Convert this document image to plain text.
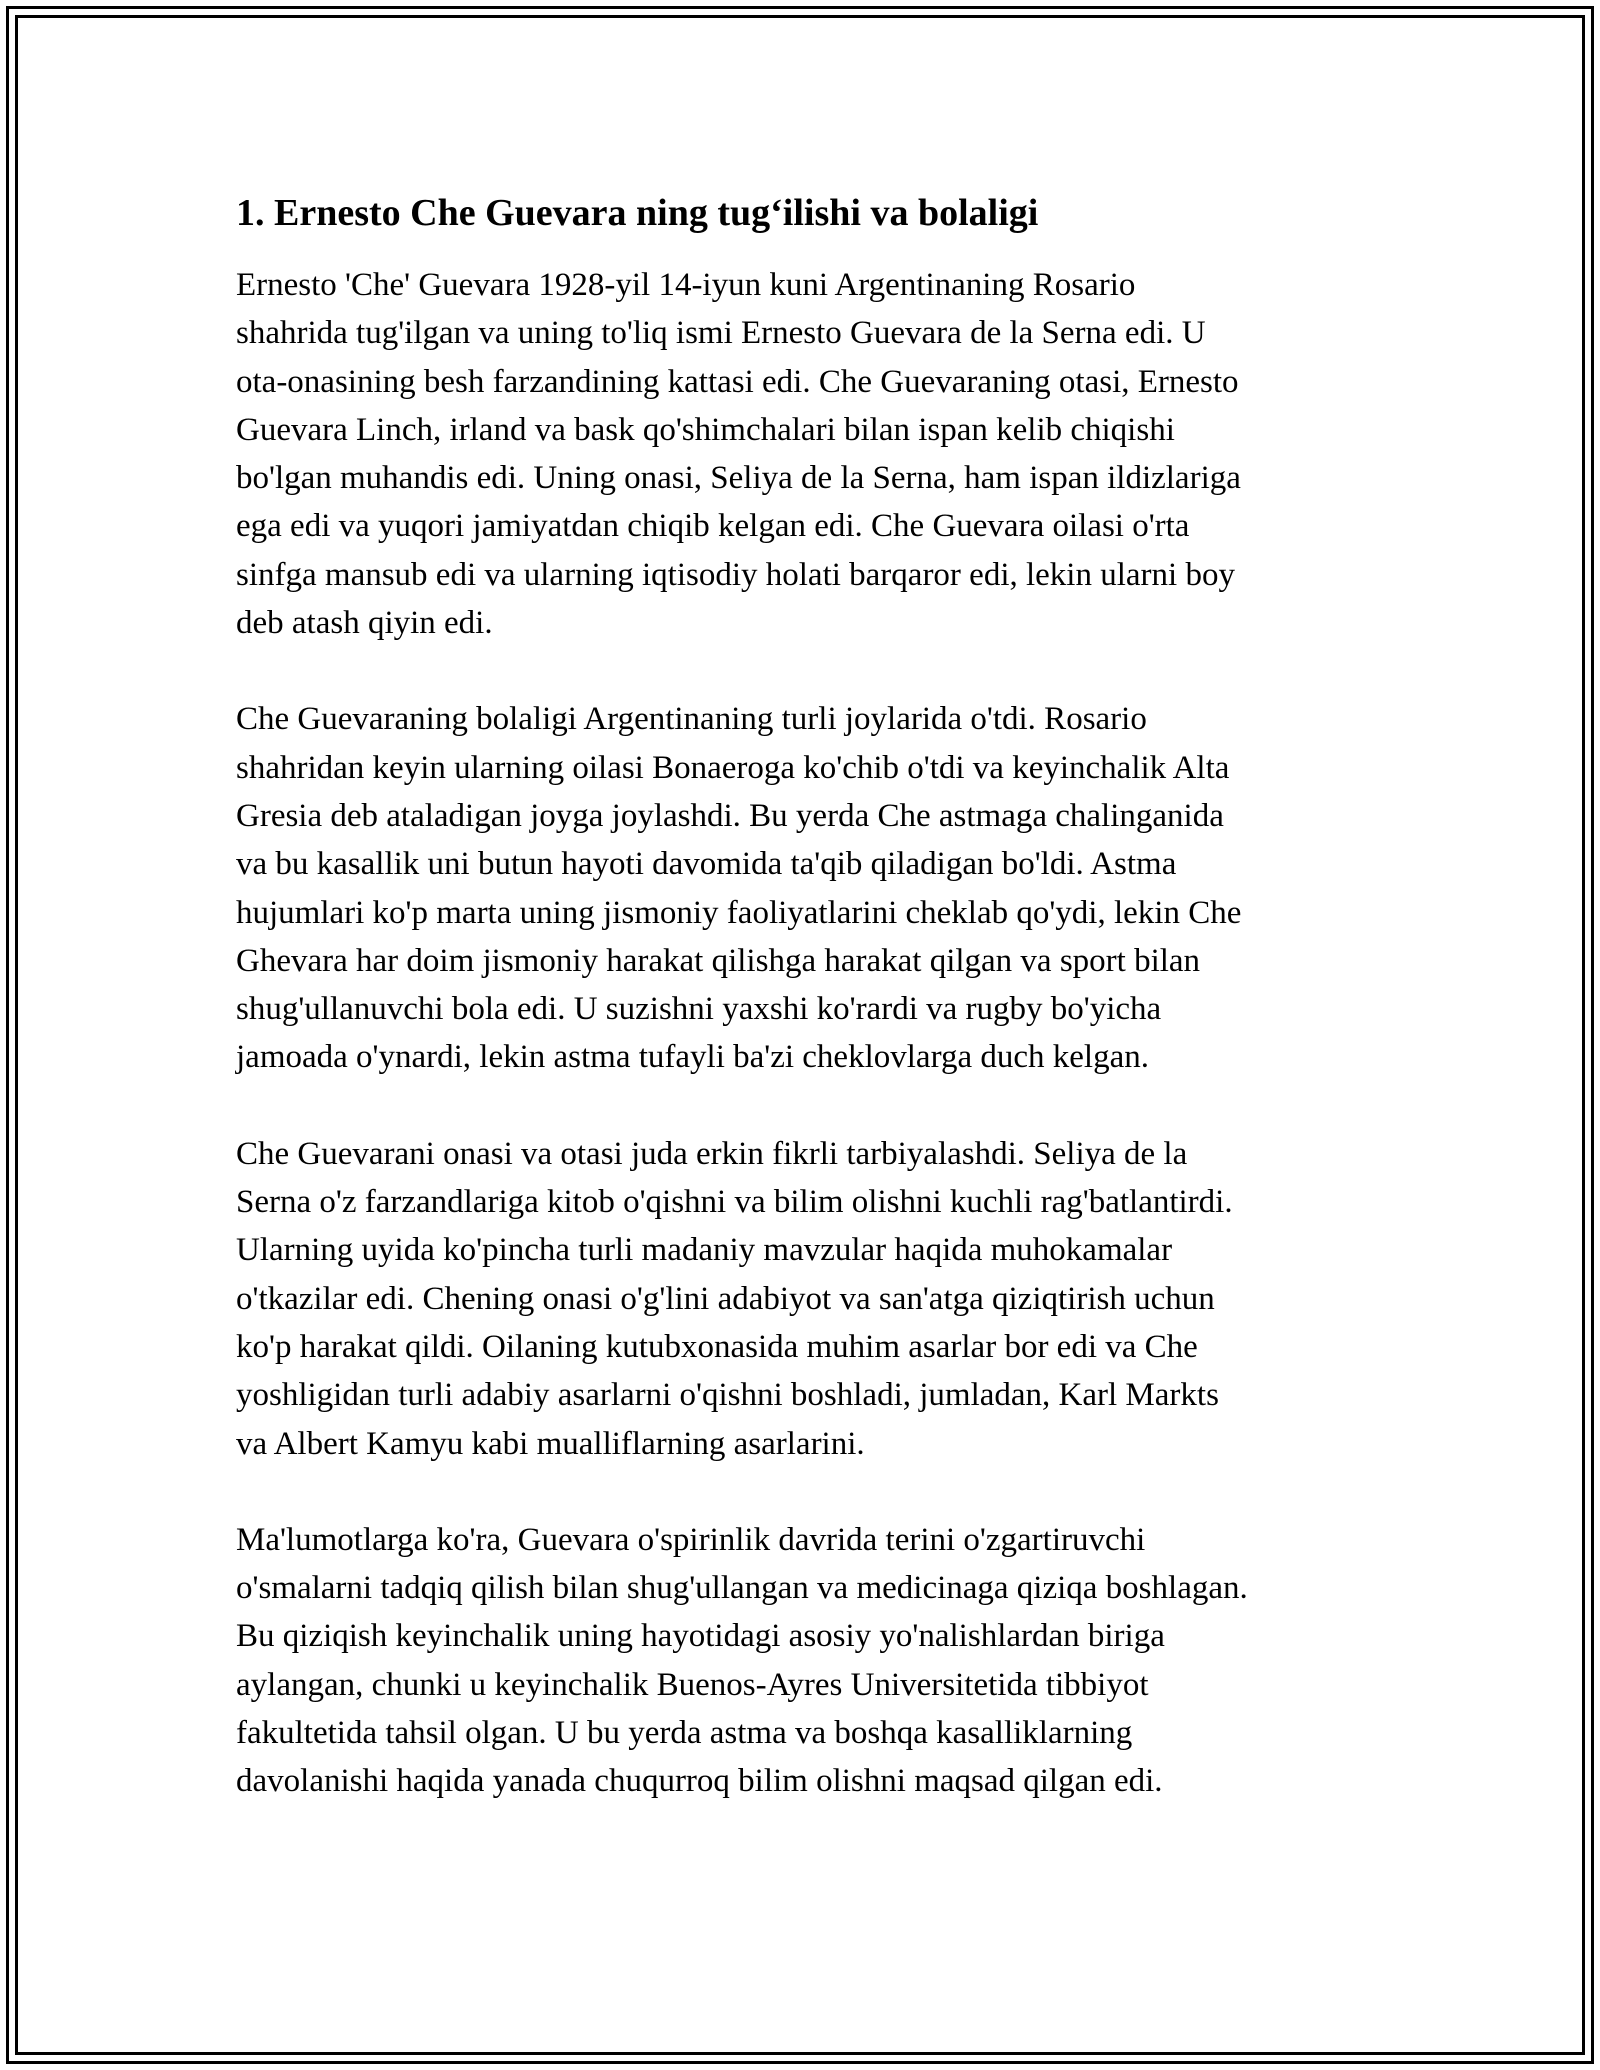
1. Ernesto Che Guevara ning tug‘ilishi va bolaligi

Ernesto 'Che' Guevara 1928-yil 14-iyun kuni Argentinaning Rosario
shahrida tug'ilgan va uning to'liq ismi Ernesto Guevara de la Serna edi. U
ota-onasining besh farzandining kattasi edi. Che Guevaraning otasi, Ernesto
Guevara Linch, irland va bask qo'shimchalari bilan ispan kelib chiqishi
bo'lgan muhandis edi. Uning onasi, Seliya de la Serna, ham ispan ildizlariga
ega edi va yuqori jamiyatdan chiqib kelgan edi. Che Guevara oilasi o'rta
sinfga mansub edi va ularning iqtisodiy holati barqaror edi, lekin ularni boy
deb atash qiyin edi.

Che Guevaraning bolaligi Argentinaning turli joylarida o'tdi. Rosario
shahridan keyin ularning oilasi Bonaeroga ko'chib o'tdi va keyinchalik Alta
Gresia deb ataladigan joyga joylashdi. Bu yerda Che astmaga chalinganida
va bu kasallik uni butun hayoti davomida ta'qib qiladigan bo'ldi. Astma
hujumlari ko'p marta uning jismoniy faoliyatlarini cheklab qo'ydi, lekin Che
Ghevara har doim jismoniy harakat qilishga harakat qilgan va sport bilan
shug'ullanuvchi bola edi. U suzishni yaxshi ko'rardi va rugby bo'yicha
jamoada o'ynardi, lekin astma tufayli ba'zi cheklovlarga duch kelgan.

Che Guevarani onasi va otasi juda erkin fikrli tarbiyalashdi. Seliya de la
Serna o'z farzandlariga kitob o'qishni va bilim olishni kuchli rag'batlantirdi.
Ularning uyida ko'pincha turli madaniy mavzular haqida muhokamalar
o'tkazilar edi. Chening onasi o'g'lini adabiyot va san'atga qiziqtirish uchun
ko'p harakat qildi. Oilaning kutubxonasida muhim asarlar bor edi va Che
yoshligidan turli adabiy asarlarni o'qishni boshladi, jumladan, Karl Markts
va Albert Kamyu kabi mualliflarning asarlarini.

Ma'lumotlarga ko'ra, Guevara o'spirinlik davrida terini o'zgartiruvchi
o'smalarni tadqiq qilish bilan shug'ullangan va medicinaga qiziqa boshlagan.
Bu qiziqish keyinchalik uning hayotidagi asosiy yo'nalishlardan biriga
aylangan, chunki u keyinchalik Buenos-Ayres Universitetida tibbiyot
fakultetida tahsil olgan. U bu yerda astma va boshqa kasalliklarning
davolanishi haqida yanada chuqurroq bilim olishni maqsad qilgan edi.
